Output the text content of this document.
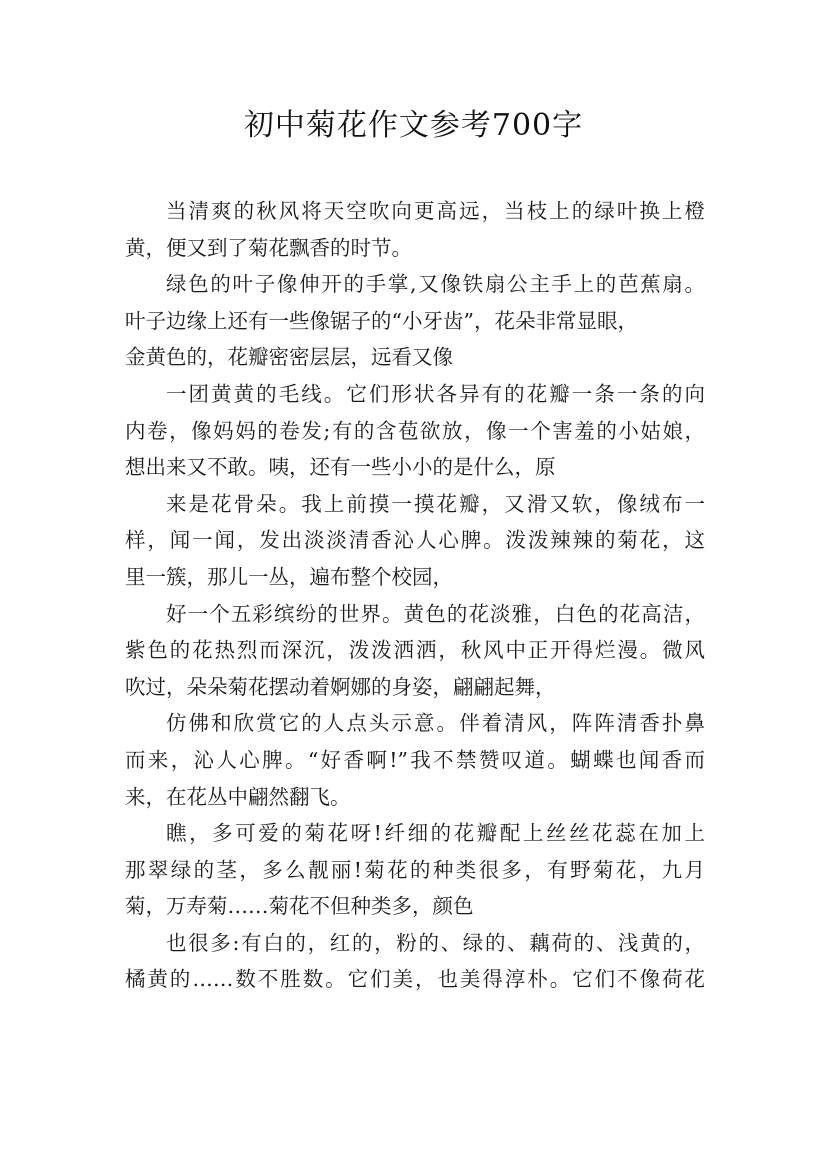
初中菊花作文参考700字
当清爽的秋风将天空吹向更高远，当枝上的绿叶换上橙
黄，便又到了菊花飘香的时节。
绿色的叶子像伸开的手掌,又像铁扇公主手上的芭蕉扇。
叶子边缘上还有一些像锯子的“小牙齿”，花朵非常显眼，
金黄色的，花瓣密密层层，远看又像
一团黄黄的毛线。它们形状各异有的花瓣一条一条的向
内卷，像妈妈的卷发;有的含苞欲放，像一个害羞的小姑娘，
想出来又不敢。咦，还有一些小小的是什么，原
来是花骨朵。我上前摸一摸花瓣，又滑又软，像绒布一
样，闻一闻，发出淡淡清香沁人心脾。泼泼辣辣的菊花，这
里一簇，那儿一丛，遍布整个校园，
好一个五彩缤纷的世界。黄色的花淡雅，白色的花高洁，
紫色的花热烈而深沉，泼泼洒洒，秋风中正开得烂漫。微风
吹过，朵朵菊花摆动着婀娜的身姿，翩翩起舞，
仿佛和欣赏它的人点头示意。伴着清风，阵阵清香扑鼻
而来，沁人心脾。“好香啊!”我不禁赞叹道。蝴蝶也闻香而
来，在花丛中翩然翻飞。
瞧，多可爱的菊花呀!纤细的花瓣配上丝丝花蕊在加上
那翠绿的茎，多么靓丽!菊花的种类很多，有野菊花，九月
菊，万寿菊……菊花不但种类多，颜色
也很多:有白的，红的，粉的、绿的、藕荷的、浅黄的，
橘黄的……数不胜数。它们美，也美得淳朴。它们不像荷花
